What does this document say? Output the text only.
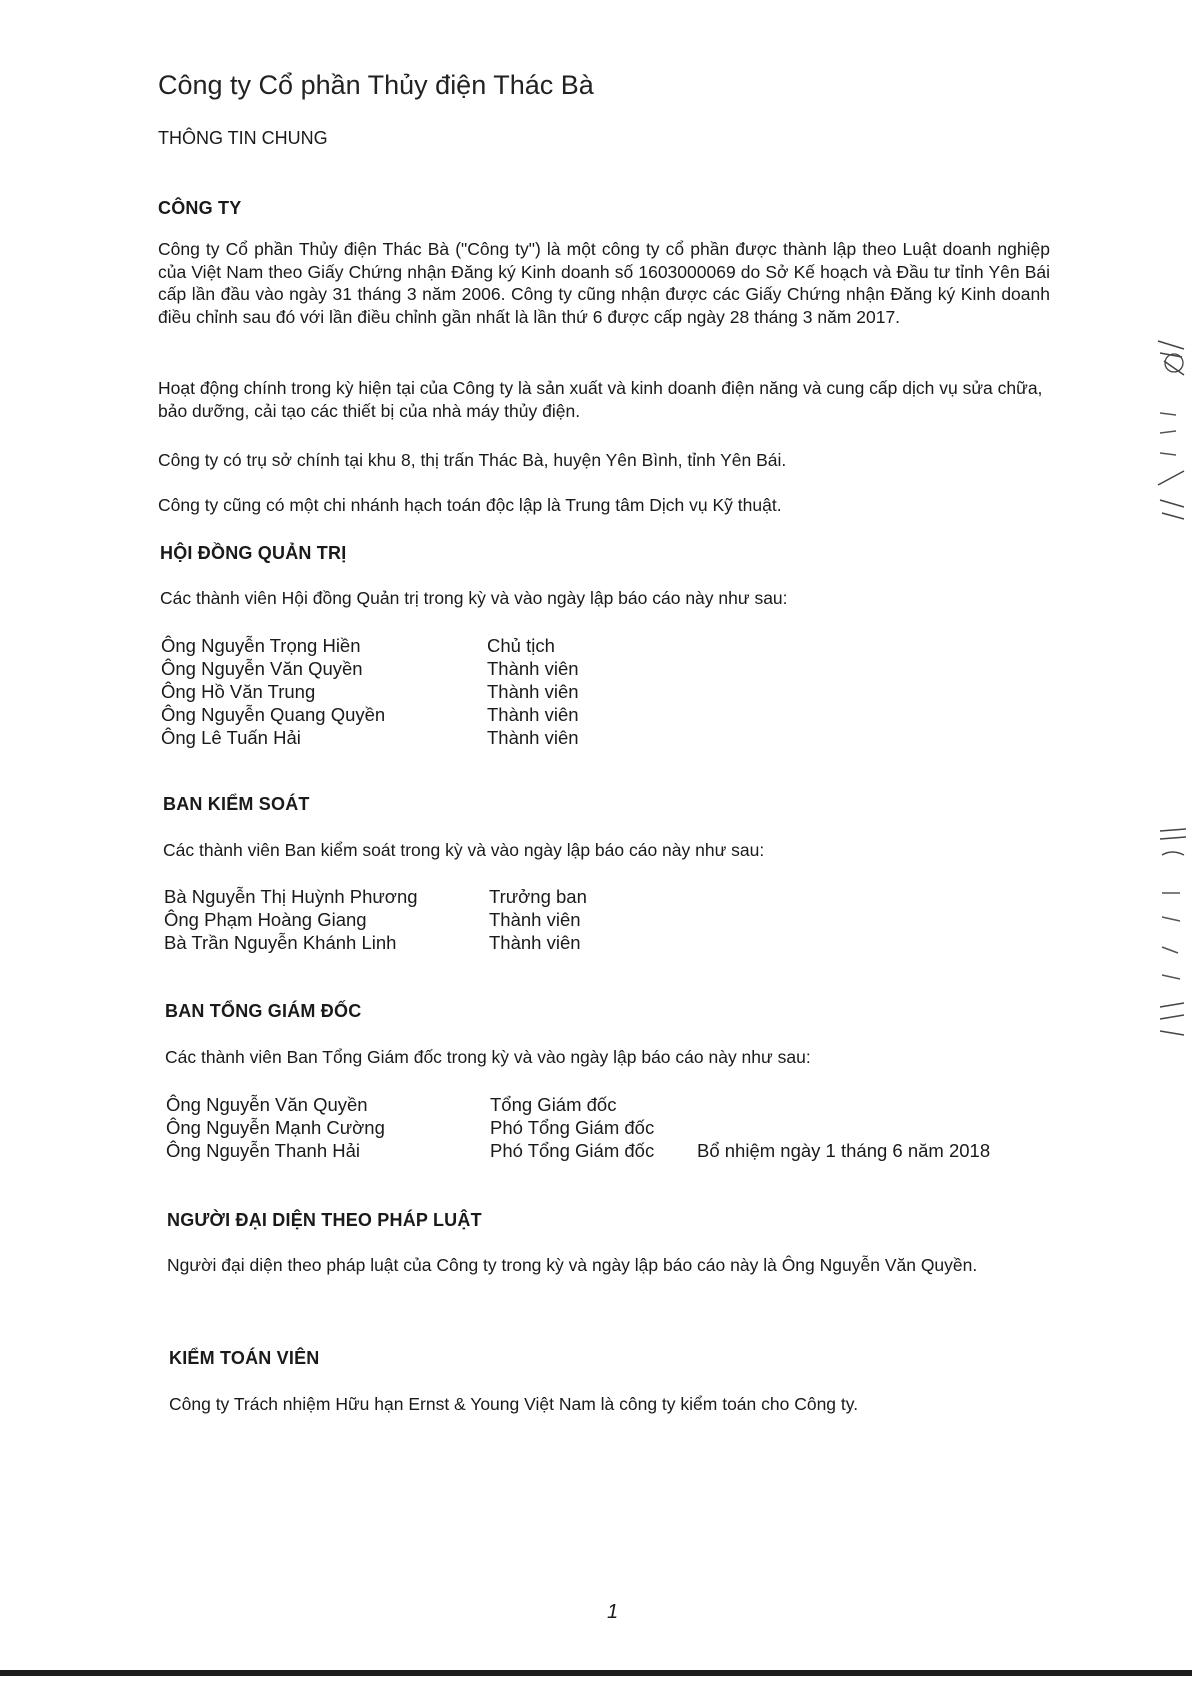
Công ty Cổ phần Thủy điện Thác Bà
THÔNG TIN CHUNG
CÔNG TY
Công ty Cổ phần Thủy điện Thác Bà ("Công ty") là một công ty cổ phần được thành lập theo Luật doanh nghiệp của Việt Nam theo Giấy Chứng nhận Đăng ký Kinh doanh số 1603000069 do Sở Kế hoạch và Đầu tư tỉnh Yên Bái cấp lần đầu vào ngày 31 tháng 3 năm 2006. Công ty cũng nhận được các Giấy Chứng nhận Đăng ký Kinh doanh điều chỉnh sau đó với lần điều chỉnh gần nhất là lần thứ 6 được cấp ngày 28 tháng 3 năm 2017.
Hoạt động chính trong kỳ hiện tại của Công ty là sản xuất và kinh doanh điện năng và cung cấp dịch vụ sửa chữa, bảo dưỡng, cải tạo các thiết bị của nhà máy thủy điện.
Công ty có trụ sở chính tại khu 8, thị trấn Thác Bà, huyện Yên Bình, tỉnh Yên Bái.
Công ty cũng có một chi nhánh hạch toán độc lập là Trung tâm Dịch vụ Kỹ thuật.
HỘI ĐỒNG QUẢN TRỊ
Các thành viên Hội đồng Quản trị trong kỳ và vào ngày lập báo cáo này như sau:
Ông Nguyễn Trọng Hiền
Ông Nguyễn Văn Quyền
Ông Hồ Văn Trung
Ông Nguyễn Quang Quyền
Ông Lê Tuấn Hải
Chủ tịch
Thành viên
Thành viên
Thành viên
Thành viên
BAN KIỂM SOÁT
Các thành viên Ban kiểm soát trong kỳ và vào ngày lập báo cáo này như sau:
Bà Nguyễn Thị Huỳnh Phương
Ông Phạm Hoàng Giang
Bà Trần Nguyễn Khánh Linh
Trưởng ban
Thành viên
Thành viên
BAN TỔNG GIÁM ĐỐC
Các thành viên Ban Tổng Giám đốc trong kỳ và vào ngày lập báo cáo này như sau:
Ông Nguyễn Văn Quyền
Ông Nguyễn Mạnh Cường
Ông Nguyễn Thanh Hải
Tổng Giám đốc
Phó Tổng Giám đốc
Phó Tổng Giám đốc Bổ nhiệm ngày 1 tháng 6 năm 2018
NGƯỜI ĐẠI DIỆN THEO PHÁP LUẬT
Người đại diện theo pháp luật của Công ty trong kỳ và ngày lập báo cáo này là Ông Nguyễn Văn Quyền.
KIỂM TOÁN VIÊN
Công ty Trách nhiệm Hữu hạn Ernst & Young Việt Nam là công ty kiểm toán cho Công ty.
1
